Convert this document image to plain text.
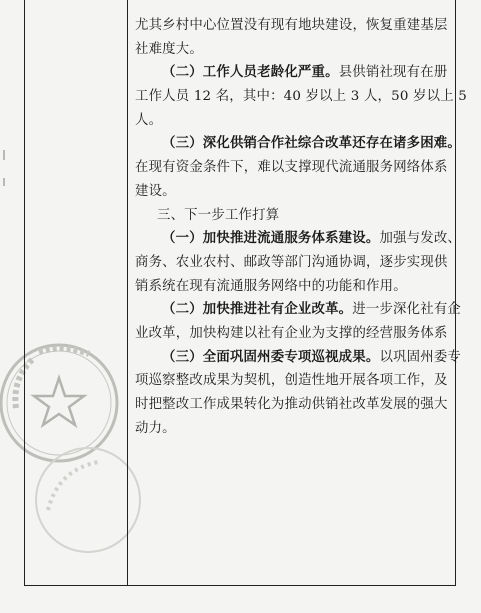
尤其乡村中心位置没有现有地块建设，恢复重建基层
社难度大。
（二）工作人员老龄化严重。县供销社现有在册
工作人员 12 名，其中：40 岁以上 3 人，50 岁以上 5
人。
（三）深化供销合作社综合改革还存在诸多困难。
在现有资金条件下，难以支撑现代流通服务网络体系
建设。
三、下一步工作打算
（一）加快推进流通服务体系建设。加强与发改、
商务、农业农村、邮政等部门沟通协调，逐步实现供
销系统在现有流通服务网络中的功能和作用。
（二）加快推进社有企业改革。进一步深化社有企
业改革，加快构建以社有企业为支撑的经营服务体系
（三）全面巩固州委专项巡视成果。以巩固州委专
项巡察整改成果为契机，创造性地开展各项工作，及
时把整改工作成果转化为推动供销社改革发展的强大
动力。
